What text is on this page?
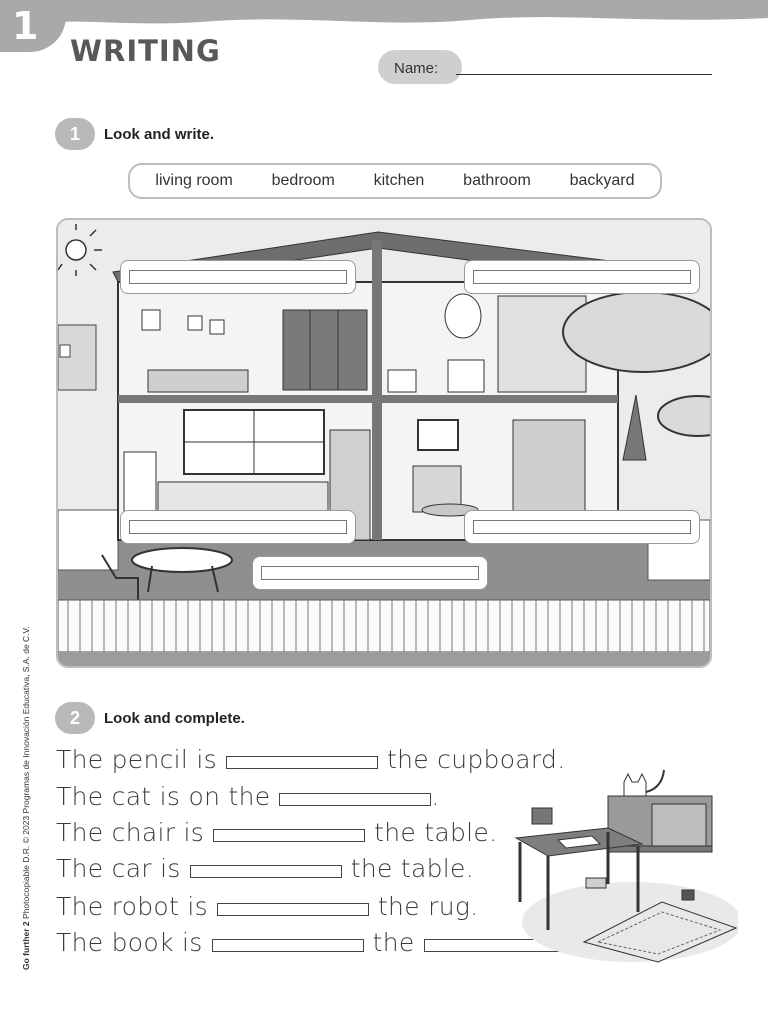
1
WRITING
Name:
1	Look and write.
living room bedroom kitchen bathroom backyard
2	Look and complete.
The pencil is	the cupboard.
The cat is on the	.
The chair is	the table.
The car is	the table.
The robot is	the rug.
The book is	the
Go further 2 Photocopiable D.R. © 2023 Programas de Innovación Educativa, S.A. de C.V.
